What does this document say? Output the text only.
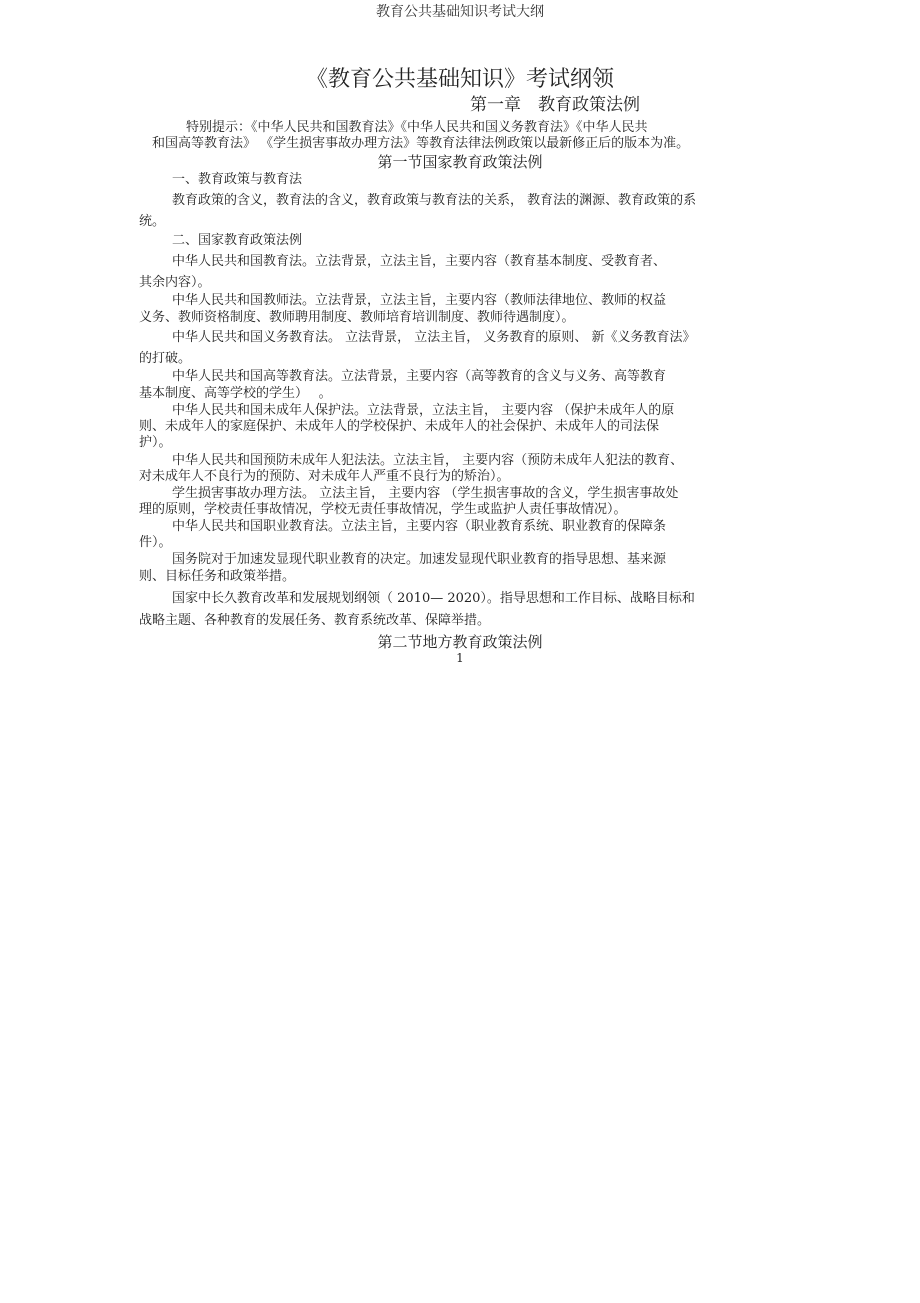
教育公共基础知识考试大纲
《教育公共基础知识》考试纲领
第一章　教育政策法例
特别提示：《中华人民共和国教育法》《中华人民共和国义务教育法》《中华人民共
和国高等教育法》 《学生损害事故办理方法》等教育法律法例政策以最新修正后的版本为准。
第一节国家教育政策法例
一、教育政策与教育法
教育政策的含义，教育法的含义，教育政策与教育法的关系， 教育法的渊源、教育政策的系
统。
二、国家教育政策法例
中华人民共和国教育法。立法背景，立法主旨，主要内容（教育基本制度、受教育者、
其余内容）。
中华人民共和国教师法。立法背景，立法主旨，主要内容（教师法律地位、教师的权益
义务、教师资格制度、教师聘用制度、教师培育培训制度、教师待遇制度）。
中华人民共和国义务教育法。 立法背景， 立法主旨， 义务教育的原则、 新《义务教育法》
的打破。
中华人民共和国高等教育法。立法背景，主要内容（高等教育的含义与义务、高等教育
基本制度、高等学校的学生）　 。
中华人民共和国未成年人保护法。立法背景，立法主旨， 主要内容 （保护未成年人的原
则、未成年人的家庭保护、未成年人的学校保护、未成年人的社会保护、未成年人的司法保
护）。
中华人民共和国预防未成年人犯法法。立法主旨， 主要内容（预防未成年人犯法的教育、
对未成年人不良行为的预防、对未成年人严重不良行为的矫治）。
学生损害事故办理方法。 立法主旨， 主要内容 （学生损害事故的含义，学生损害事故处
理的原则，学校责任事故情况，学校无责任事故情况，学生或监护人责任事故情况）。
中华人民共和国职业教育法。立法主旨，主要内容（职业教育系统、职业教育的保障条
件）。
国务院对于加速发显现代职业教育的决定。加速发显现代职业教育的指导思想、基来源
则、目标任务和政策举措。
国家中长久教育改革和发展规划纲领（ 2010— 2020）。指导思想和工作目标、战略目标和
战略主题、各种教育的发展任务、教育系统改革、保障举措。
第二节地方教育政策法例
1
